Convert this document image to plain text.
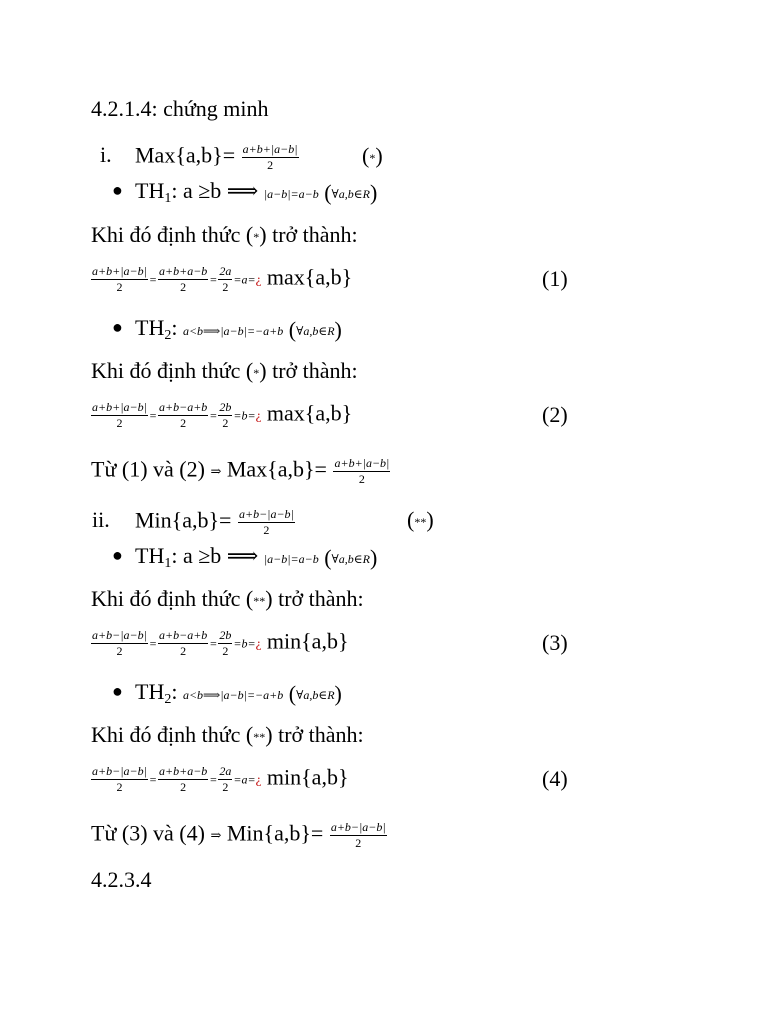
4.2.1.4: chứng minh
i. $Max\{a,b\}= \frac{a+b+|a-b|}{2}$	(*)
● $TH_1$: a ≥b ⟹ |a−b|=a−b (∀a,b∈R)
Khi đó định thức (*) trở thành:
$\frac{a+b+|a-b|}{2} = \frac{a+b+a-b}{2} = \frac{2a}{2}$ =a=¿ max{a,b}	(1)
● $TH_2$: a<b⟹|a−b|=−a+b (∀a,b∈R)
Khi đó định thức (*) trở thành:
$\frac{a+b+|a-b|}{2} = \frac{a+b-a+b}{2} = \frac{2b}{2}$ =b=¿ max{a,b}	(2)
Từ (1) và (2) ⇒ $Max\{a,b\}= \frac{a+b+|a-b|}{2}$
ii. $Min\{a,b\}= \frac{a+b-|a-b|}{2}$	(**)
● $TH_1$: a ≥b ⟹ |a−b|=a−b (∀a,b∈R)
Khi đó định thức (**) trở thành:
$\frac{a+b-|a-b|}{2} = \frac{a+b-a+b}{2} = \frac{2b}{2}$ =b=¿ min{a,b}	(3)
● $TH_2$: a<b⟹|a−b|=−a+b (∀a,b∈R)
Khi đó định thức (**) trở thành:
$\frac{a+b-|a-b|}{2} = \frac{a+b+a-b}{2} = \frac{2a}{2}$ =a=¿ min{a,b}	(4)
Từ (3) và (4) ⇒ $Min\{a,b\}= \frac{a+b-|a-b|}{2}$
4.2.3.4
